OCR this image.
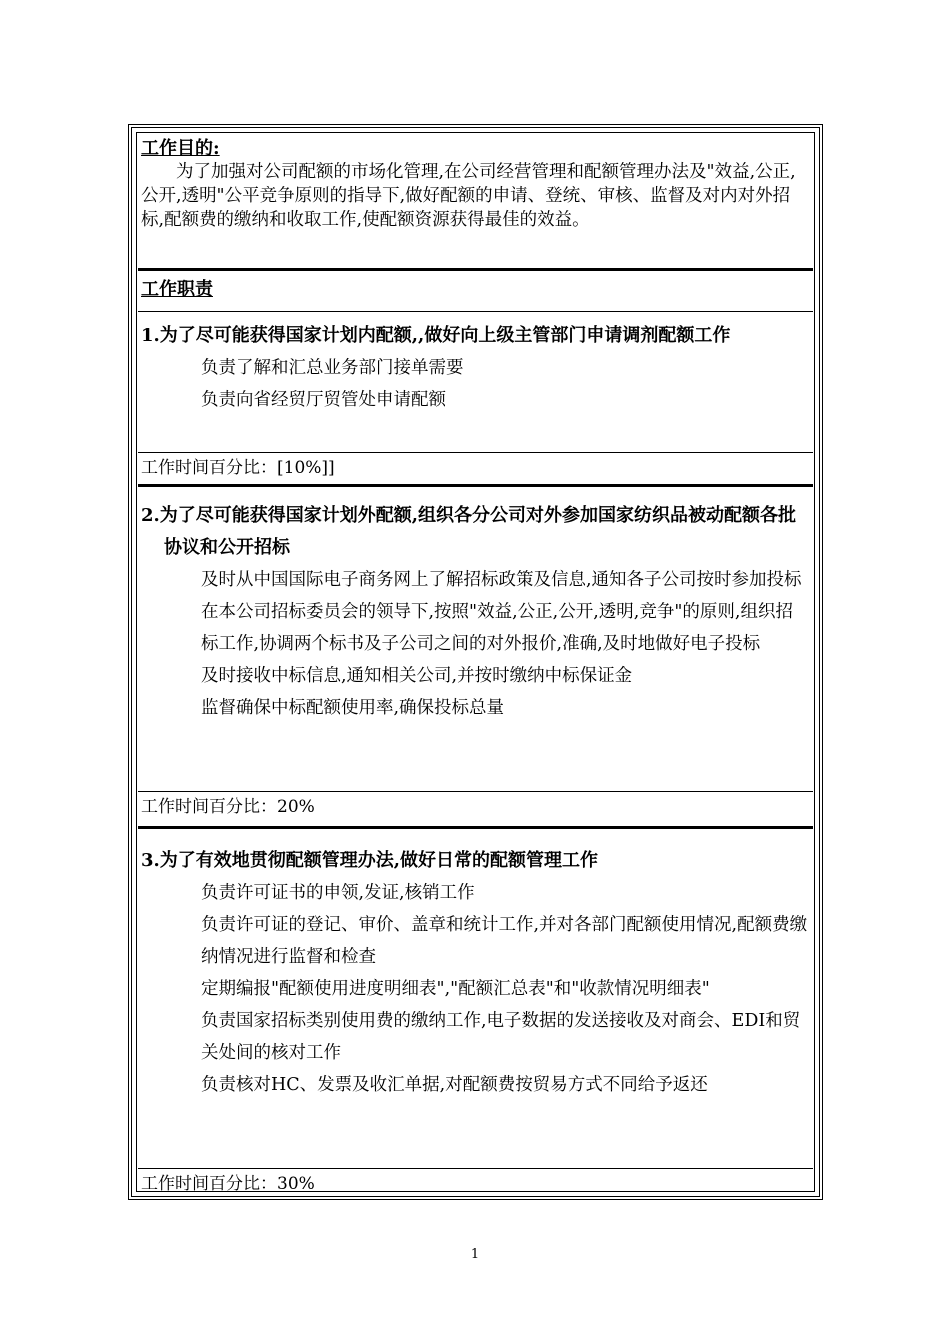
工作目的:
为了加强对公司配额的市场化管理,在公司经营管理和配额管理办法及"效益,公正,公开,透明"公平竞争原则的指导下,做好配额的申请、登统、审核、监督及对内对外招标,配额费的缴纳和收取工作,使配额资源获得最佳的效益。
工作职责
1.为了尽可能获得国家计划内配额,,做好向上级主管部门申请调剂配额工作
负责了解和汇总业务部门接单需要
负责向省经贸厅贸管处申请配额
工作时间百分比：[10%]]
2.为了尽可能获得国家计划外配额,组织各分公司对外参加国家纺织品被动配额各批协议和公开招标
及时从中国国际电子商务网上了解招标政策及信息,通知各子公司按时参加投标
在本公司招标委员会的领导下,按照"效益,公正,公开,透明,竞争"的原则,组织招标工作,协调两个标书及子公司之间的对外报价,准确,及时地做好电子投标
及时接收中标信息,通知相关公司,并按时缴纳中标保证金
监督确保中标配额使用率,确保投标总量
工作时间百分比：20%
3.为了有效地贯彻配额管理办法,做好日常的配额管理工作
负责许可证书的申领,发证,核销工作
负责许可证的登记、审价、盖章和统计工作,并对各部门配额使用情况,配额费缴纳情况进行监督和检查
定期编报"配额使用进度明细表","配额汇总表"和"收款情况明细表"
负责国家招标类别使用费的缴纳工作,电子数据的发送接收及对商会、EDI和贸关处间的核对工作
负责核对HC、发票及收汇单据,对配额费按贸易方式不同给予返还
工作时间百分比：30%
1
